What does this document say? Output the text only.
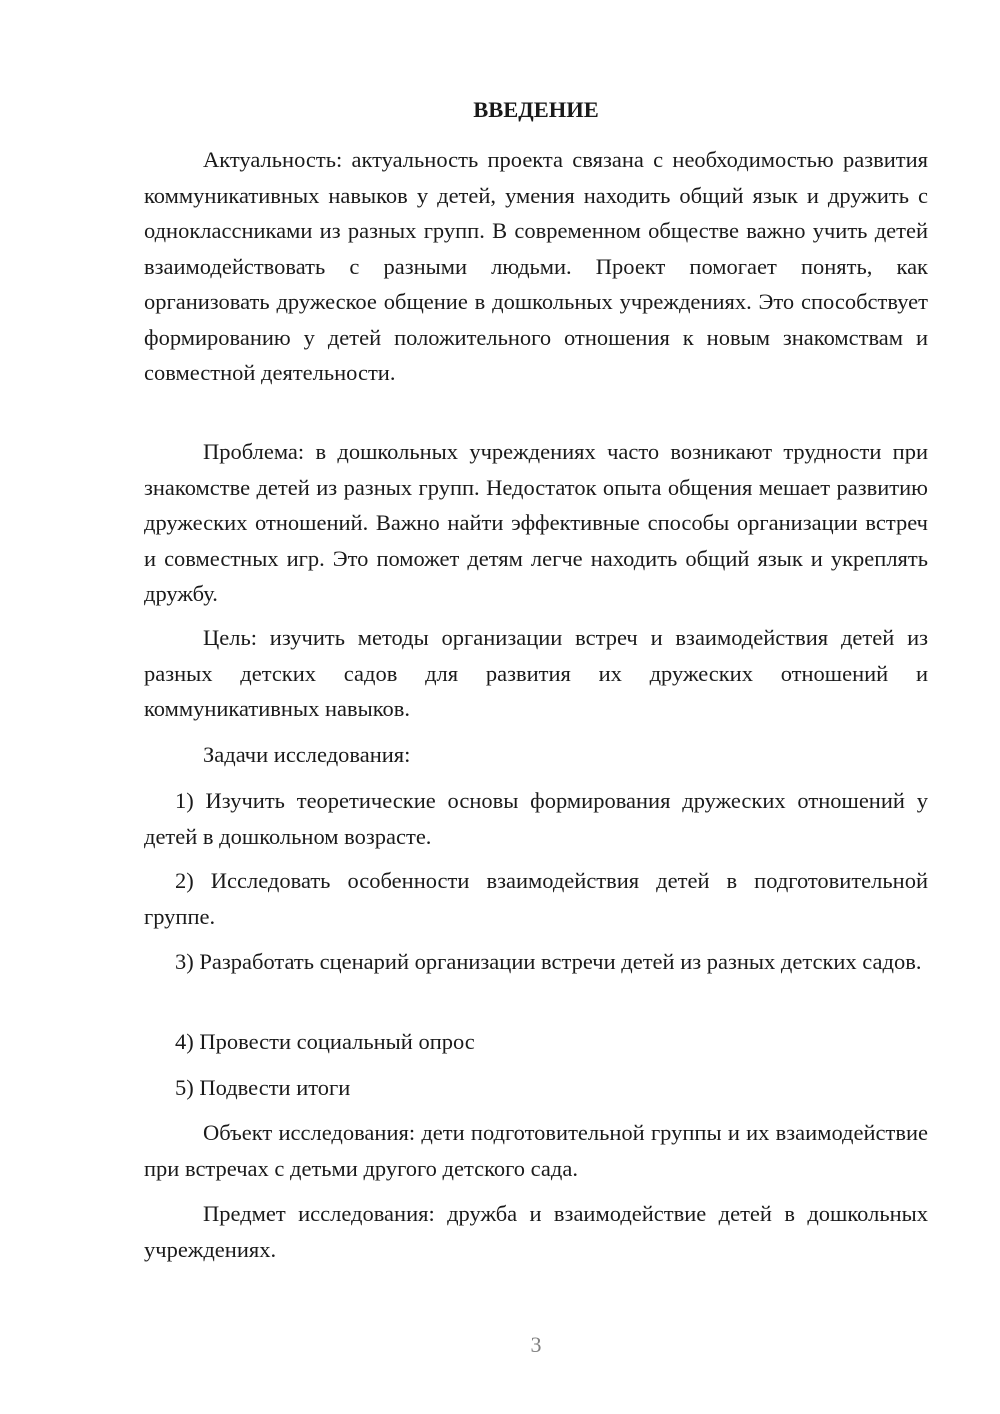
ВВЕДЕНИЕ

Актуальность: актуальность проекта связана с необходимостью развития коммуникативных навыков у детей, умения находить общий язык и дружить с одноклассниками из разных групп. В современном обществе важно учить детей взаимодействовать с разными людьми. Проект помогает понять, как организовать дружеское общение в дошкольных учреждениях. Это способствует формированию у детей положительного отношения к новым знакомствам и совместной деятельности.

Проблема: в дошкольных учреждениях часто возникают трудности при знакомстве детей из разных групп. Недостаток опыта общения мешает развитию дружеских отношений. Важно найти эффективные способы организации встреч и совместных игр. Это поможет детям легче находить общий язык и укреплять дружбу.

Цель: изучить методы организации встреч и взаимодействия детей из разных детских садов для развития их дружеских отношений и коммуникативных навыков.

Задачи исследования:

1) Изучить теоретические основы формирования дружеских отношений у детей в дошкольном возрасте.

2) Исследовать особенности взаимодействия детей в подготовительной группе.

3) Разработать сценарий организации встречи детей из разных детских садов.

4) Провести социальный опрос

5) Подвести итоги

Объект исследования: дети подготовительной группы и их взаимодействие при встречах с детьми другого детского сада.

Предмет исследования: дружба и взаимодействие детей в дошкольных учреждениях.

3
